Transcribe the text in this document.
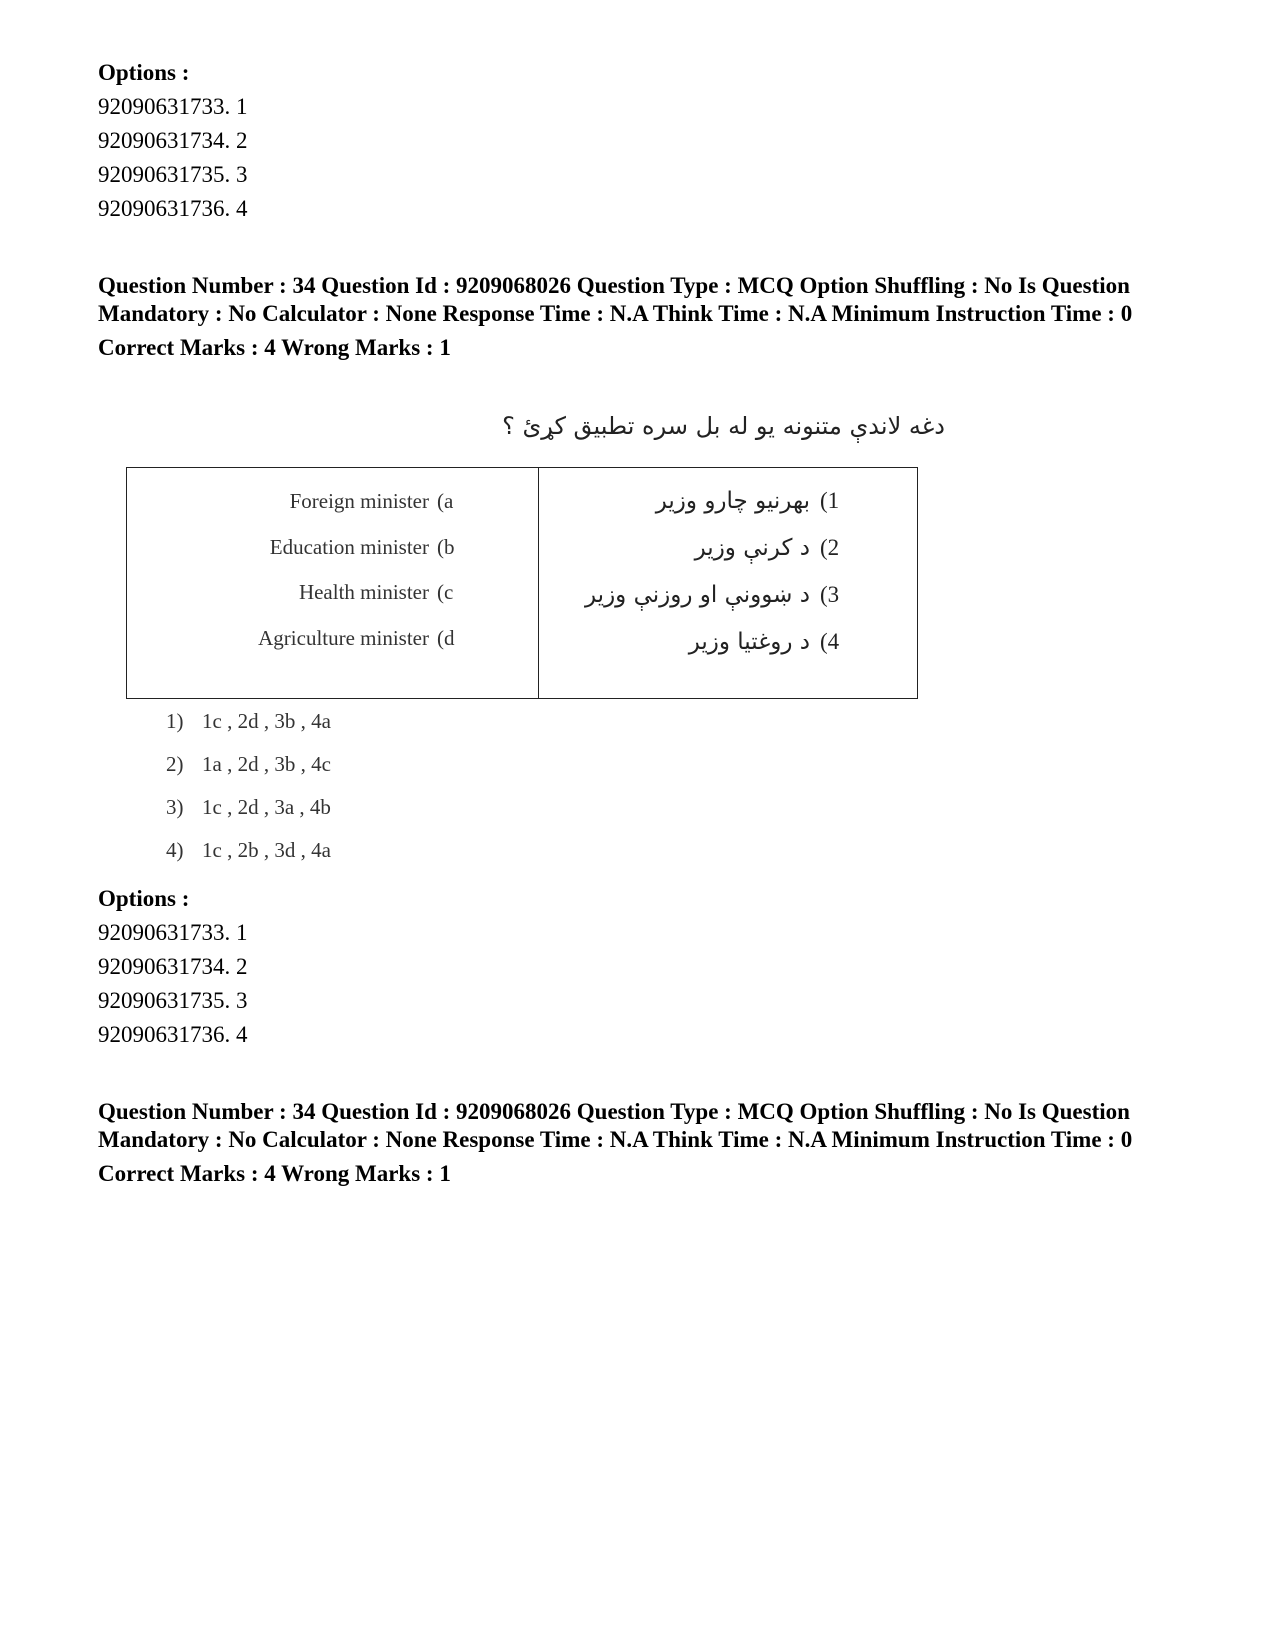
Options :
92090631733. 1
92090631734. 2
92090631735. 3
92090631736. 4
Question Number : 34 Question Id : 9209068026 Question Type : MCQ Option Shuffling : No Is Question Mandatory : No Calculator : None Response Time : N.A Think Time : N.A Minimum Instruction Time : 0
Correct Marks : 4 Wrong Marks : 1
دغه لاندې متنونه یو له بل سره تطبیق کړئ ؟
Foreign minister (a
Education minister (b
Health minister (c
Agriculture minister (d
بهرنیو چارو وزیر (1
د کرنې وزیر (2
د ښوونې او روزنې وزیر (3
د روغتیا وزیر (4
1) 1c , 2d , 3b , 4a
2) 1a , 2d , 3b , 4c
3) 1c , 2d , 3a , 4b
4) 1c , 2b , 3d , 4a
Options :
92090631733. 1
92090631734. 2
92090631735. 3
92090631736. 4
Question Number : 34 Question Id : 9209068026 Question Type : MCQ Option Shuffling : No Is Question Mandatory : No Calculator : None Response Time : N.A Think Time : N.A Minimum Instruction Time : 0
Correct Marks : 4 Wrong Marks : 1
